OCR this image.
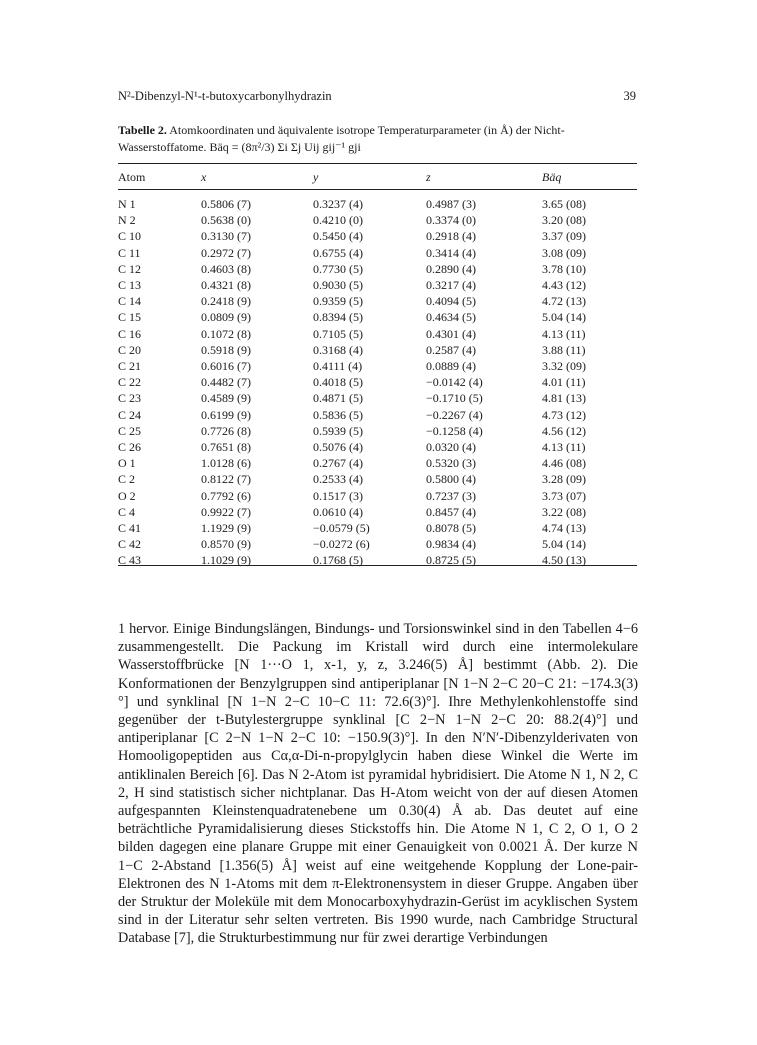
N²-Dibenzyl-N¹-t-butoxycarbonylhydrazin	39
Tabelle 2. Atomkoordinaten und äquivalente isotrope Temperaturparameter (in Å) der Nicht-Wasserstoffatome. Bäq = (8π²/3) Σi Σj Uij gij⁻¹ gji
Atom	x	y	z	Bäq
N 1	0.5806 (7)	0.3237 (4)	0.4987 (3)	3.65 (08)
N 2	0.5638 (0)	0.4210 (0)	0.3374 (0)	3.20 (08)
C 10	0.3130 (7)	0.5450 (4)	0.2918 (4)	3.37 (09)
C 11	0.2972 (7)	0.6755 (4)	0.3414 (4)	3.08 (09)
C 12	0.4603 (8)	0.7730 (5)	0.2890 (4)	3.78 (10)
C 13	0.4321 (8)	0.9030 (5)	0.3217 (4)	4.43 (12)
C 14	0.2418 (9)	0.9359 (5)	0.4094 (5)	4.72 (13)
C 15	0.0809 (9)	0.8394 (5)	0.4634 (5)	5.04 (14)
C 16	0.1072 (8)	0.7105 (5)	0.4301 (4)	4.13 (11)
C 20	0.5918 (9)	0.3168 (4)	0.2587 (4)	3.88 (11)
C 21	0.6016 (7)	0.4111 (4)	0.0889 (4)	3.32 (09)
C 22	0.4482 (7)	0.4018 (5)	−0.0142 (4)	4.01 (11)
C 23	0.4589 (9)	0.4871 (5)	−0.1710 (5)	4.81 (13)
C 24	0.6199 (9)	0.5836 (5)	−0.2267 (4)	4.73 (12)
C 25	0.7726 (8)	0.5939 (5)	−0.1258 (4)	4.56 (12)
C 26	0.7651 (8)	0.5076 (4)	0.0320 (4)	4.13 (11)
O 1	1.0128 (6)	0.2767 (4)	0.5320 (3)	4.46 (08)
C 2	0.8122 (7)	0.2533 (4)	0.5800 (4)	3.28 (09)
O 2	0.7792 (6)	0.1517 (3)	0.7237 (3)	3.73 (07)
C 4	0.9922 (7)	0.0610 (4)	0.8457 (4)	3.22 (08)
C 41	1.1929 (9)	−0.0579 (5)	0.8078 (5)	4.74 (13)
C 42	0.8570 (9)	−0.0272 (6)	0.9834 (4)	5.04 (14)
C 43	1.1029 (9)	0.1768 (5)	0.8725 (5)	4.50 (13)

1 hervor. Einige Bindungslängen, Bindungs- und Torsionswinkel sind in den Tabellen 4−6 zusammengestellt. Die Packung im Kristall wird durch eine intermolekulare Wasserstoffbrücke [N 1···O 1, x-1, y, z, 3.246(5) Å] bestimmt (Abb. 2). Die Konformationen der Benzylgruppen sind antiperiplanar [N 1−N 2−C 20−C 21: −174.3(3)°] und synklinal [N 1−N 2−C 10−C 11: 72.6(3)°]. Ihre Methylenkohlenstoffe sind gegenüber der t-Butylestergruppe synklinal [C 2−N 1−N 2−C 20: 88.2(4)°] und antiperiplanar [C 2−N 1−N 2−C 10: −150.9(3)°]. In den N′N′-Dibenzylderivaten von Homooligopeptiden aus Cα,α-Di-n-propylglycin haben diese Winkel die Werte im antiklinalen Bereich [6]. Das N 2-Atom ist pyramidal hybridisiert. Die Atome N 1, N 2, C 2, H sind statistisch sicher nichtplanar. Das H-Atom weicht von der auf diesen Atomen aufgespannten Kleinstenquadratenebene um 0.30(4) Å ab. Das deutet auf eine beträchtliche Pyramidalisierung dieses Stickstoffs hin. Die Atome N 1, C 2, O 1, O 2 bilden dagegen eine planare Gruppe mit einer Genauigkeit von 0.0021 Å. Der kurze N 1−C 2-Abstand [1.356(5) Å] weist auf eine weitgehende Kopplung der Lone-pair-Elektronen des N 1-Atoms mit dem π-Elektronensystem in dieser Gruppe. Angaben über der Struktur der Moleküle mit dem Monocarboxyhydrazin-Gerüst im acyklischen System sind in der Literatur sehr selten vertreten. Bis 1990 wurde, nach Cambridge Structural Database [7], die Strukturbestimmung nur für zwei derartige Verbindungen
